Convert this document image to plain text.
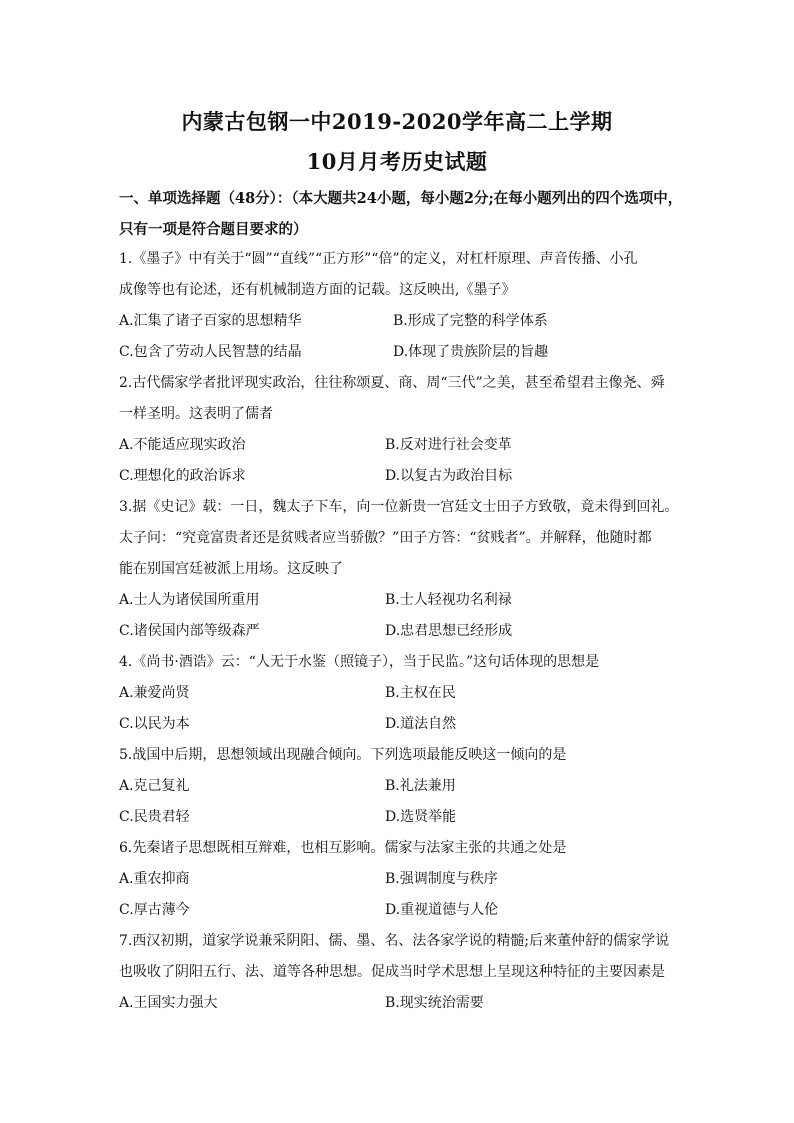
内蒙古包钢一中2019-2020学年高二上学期
10月月考历史试题
一、单项选择题（48分）：（本大题共24小题，每小题2分;在每小题列出的四个选项中，
只有一项是符合题目要求的）
1.《墨子》中有关于“圆”“直线”“正方形”“倍”的定义，对杠杆原理、声音传播、小孔
成像等也有论述，还有机械制造方面的记载。这反映出,《墨子》
A.汇集了诸子百家的思想精华	B.形成了完整的科学体系
C.包含了劳动人民智慧的结晶	D.体现了贵族阶层的旨趣
2.古代儒家学者批评现实政治，往往称颂夏、商、周“三代”之美，甚至希望君主像尧、舜
一样圣明。这表明了儒者
A.不能适应现实政治	B.反对进行社会变革
C.理想化的政治诉求	D.以复古为政治目标
3.据《史记》载：一日，魏太子下车，向一位新贵一宫廷文士田子方致敬，竟未得到回礼。
太子问：“究竟富贵者还是贫贱者应当骄傲？”田子方答：“贫贱者”。并解释，他随时都
能在别国宫廷被派上用场。这反映了
A.士人为诸侯国所重用	B.士人轻视功名利禄
C.诸侯国内部等级森严	D.忠君思想已经形成
4.《尚书·酒诰》云：“人无于水鉴（照镜子），当于民监。”这句话体现的思想是
A.兼爱尚贤	B.主权在民
C.以民为本	D.道法自然
5.战国中后期，思想领域出现融合倾向。下列选项最能反映这一倾向的是
A.克己复礼	B.礼法兼用
C.民贵君轻	D.选贤举能
6.先秦诸子思想既相互辩难，也相互影响。儒家与法家主张的共通之处是
A.重农抑商	B.强调制度与秩序
C.厚古薄今	D.重视道德与人伦
7.西汉初期，道家学说兼采阴阳、儒、墨、名、法各家学说的精髓;后来董仲舒的儒家学说
也吸收了阴阳五行、法、道等各种思想。促成当时学术思想上呈现这种特征的主要因素是
A.王国实力强大	B.现实统治需要
